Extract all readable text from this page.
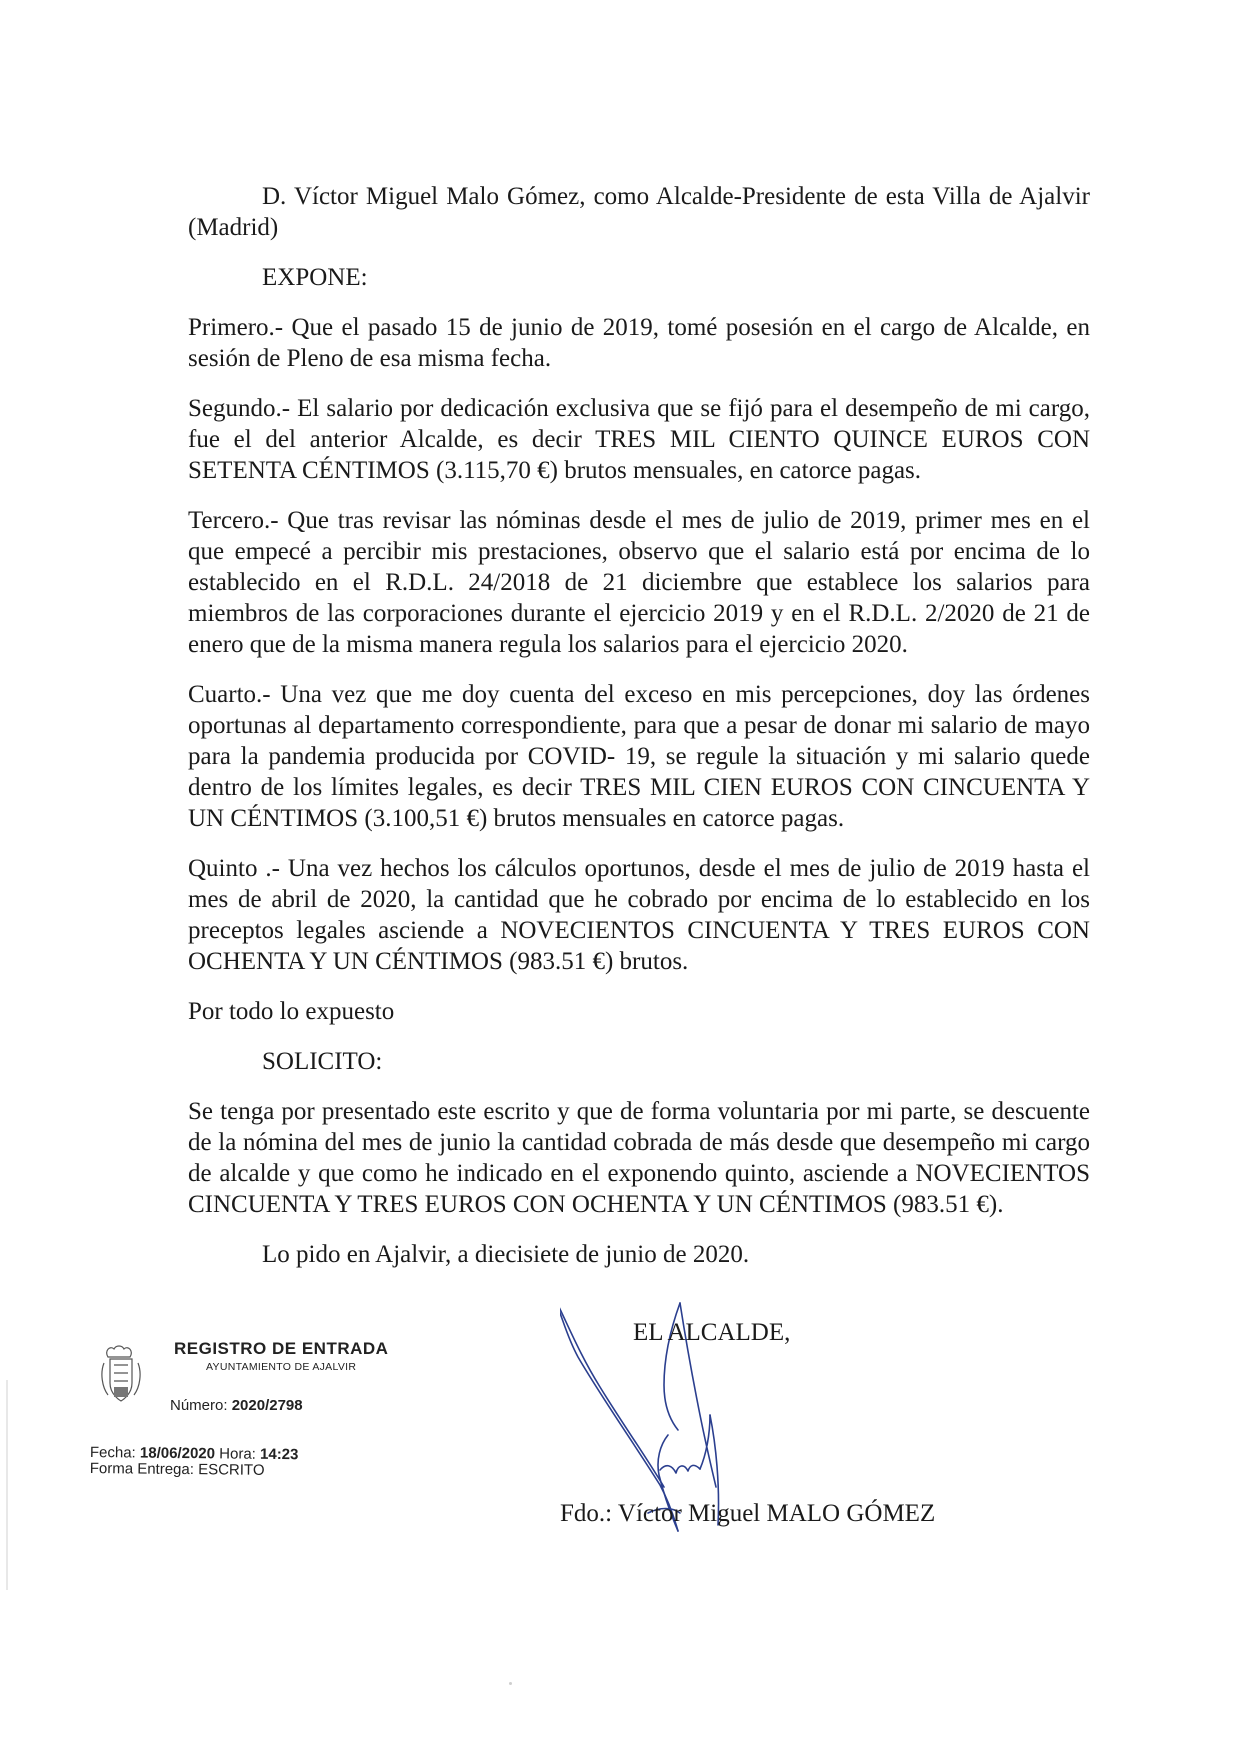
D. Víctor Miguel Malo Gómez, como Alcalde-Presidente de esta Villa de Ajalvir (Madrid)

EXPONE:

Primero.- Que el pasado 15 de junio de 2019, tomé posesión en el cargo de Alcalde, en sesión de Pleno de esa misma fecha.

Segundo.- El salario por dedicación exclusiva que se fijó para el desempeño de mi cargo, fue el del anterior Alcalde, es decir TRES MIL CIENTO QUINCE EUROS CON SETENTA CÉNTIMOS (3.115,70 €) brutos mensuales, en catorce pagas.

Tercero.- Que tras revisar las nóminas desde el mes de julio de 2019, primer mes en el que empecé a percibir mis prestaciones, observo que el salario está por encima de lo establecido en el R.D.L. 24/2018 de 21 diciembre que establece los salarios para miembros de las corporaciones durante el ejercicio 2019 y en el R.D.L. 2/2020 de 21 de enero que de la misma manera regula los salarios para el ejercicio 2020.

Cuarto.- Una vez que me doy cuenta del exceso en mis percepciones, doy las órdenes oportunas al departamento correspondiente, para que a pesar de donar mi salario de mayo para la pandemia producida por COVID- 19, se regule la situación y mi salario quede dentro de los límites legales, es decir TRES MIL CIEN EUROS CON CINCUENTA Y UN CÉNTIMOS (3.100,51 €) brutos mensuales en catorce pagas.

Quinto .- Una vez hechos los cálculos oportunos, desde el mes de julio de 2019 hasta el mes de abril de 2020, la cantidad que he cobrado por encima de lo establecido en los preceptos legales asciende a NOVECIENTOS CINCUENTA Y TRES EUROS CON OCHENTA Y UN CÉNTIMOS (983.51 €) brutos.

Por todo lo expuesto

SOLICITO:

Se tenga por presentado este escrito y que de forma voluntaria por mi parte, se descuente de la nómina del mes de junio la cantidad cobrada de más desde que desempeño mi cargo de alcalde y que como he indicado en el exponendo quinto, asciende a NOVECIENTOS CINCUENTA Y TRES EUROS CON OCHENTA Y UN CÉNTIMOS (983.51 €).

Lo pido en Ajalvir, a diecisiete de junio de 2020.

EL ALCALDE,
Fdo.: Víctor Miguel MALO GÓMEZ
REGISTRO DE ENTRADA
AYUNTAMIENTO DE AJALVIR
Número: 2020/2798
Fecha: 18/06/2020 Hora: 14:23
Forma Entrega: ESCRITO
